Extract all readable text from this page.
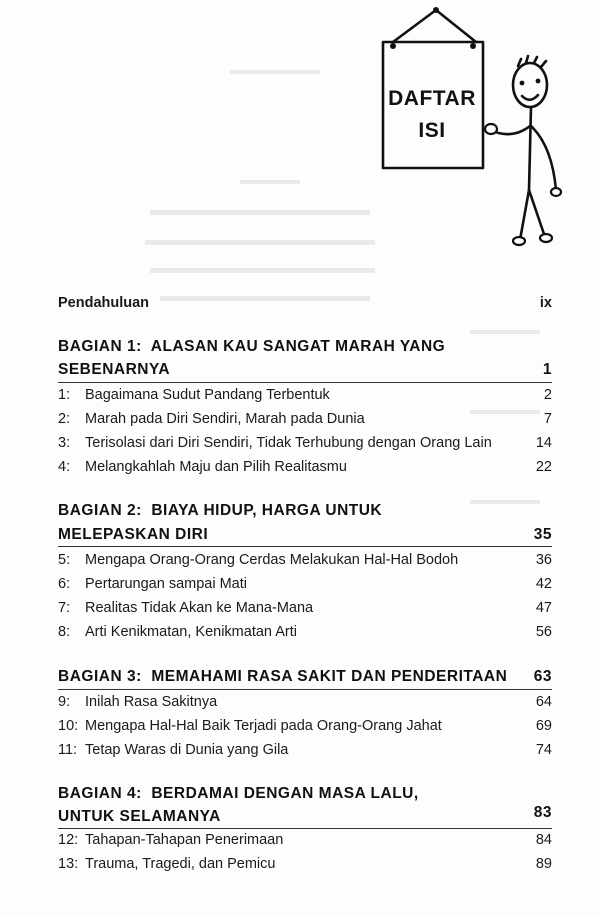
DAFTAR
ISI
Pendahuluan	ix
BAGIAN 1: ALASAN KAU SANGAT MARAH YANG
SEBENARNYA	1
1: Bagaimana Sudut Pandang Terbentuk	2
2: Marah pada Diri Sendiri, Marah pada Dunia	7
3: Terisolasi dari Diri Sendiri, Tidak Terhubung dengan Orang Lain	14
4: Melangkahlah Maju dan Pilih Realitasmu	22
BAGIAN 2: BIAYA HIDUP, HARGA UNTUK
MELEPASKAN DIRI	35
5: Mengapa Orang-Orang Cerdas Melakukan Hal-Hal Bodoh	36
6: Pertarungan sampai Mati	42
7: Realitas Tidak Akan ke Mana-Mana	47
8: Arti Kenikmatan, Kenikmatan Arti	56
BAGIAN 3: MEMAHAMI RASA SAKIT DAN PENDERITAAN 63
9: Inilah Rasa Sakitnya	64
10: Mengapa Hal-Hal Baik Terjadi pada Orang-Orang Jahat	69
11: Tetap Waras di Dunia yang Gila	74
BAGIAN 4: BERDAMAI DENGAN MASA LALU,
UNTUK SELAMANYA	83
12: Tahapan-Tahapan Penerimaan	84
13: Trauma, Tragedi, dan Pemicu	89
